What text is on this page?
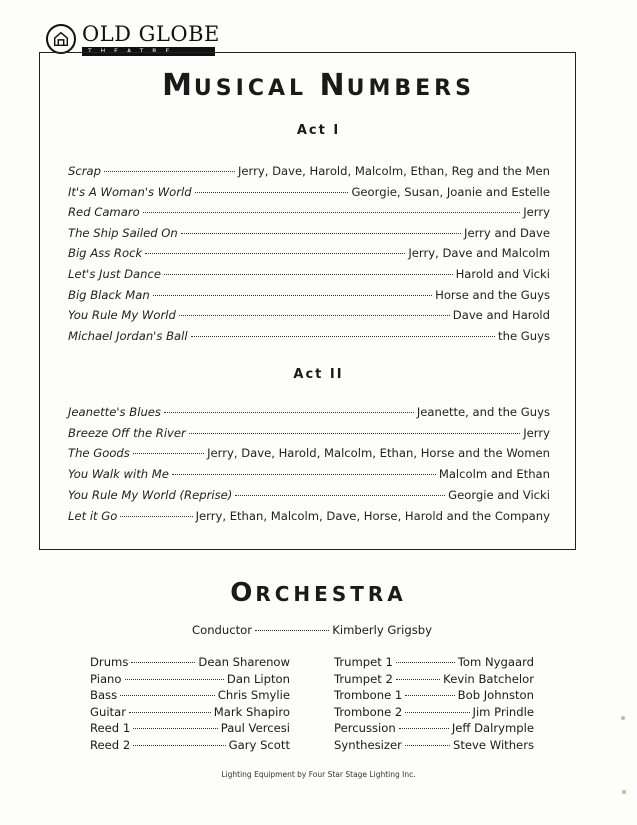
OLD GLOBE
THEATRE
MUSICAL NUMBERS
Act I
Scrap	Jerry, Dave, Harold, Malcolm, Ethan, Reg and the Men
It's A Woman's World	Georgie, Susan, Joanie and Estelle
Red Camaro	Jerry
The Ship Sailed On	Jerry and Dave
Big Ass Rock	Jerry, Dave and Malcolm
Let's Just Dance	Harold and Vicki
Big Black Man	Horse and the Guys
You Rule My World	Dave and Harold
Michael Jordan's Ball	the Guys
Act II
Jeanette's Blues	Jeanette, and the Guys
Breeze Off the River	Jerry
The Goods	Jerry, Dave, Harold, Malcolm, Ethan, Horse and the Women
You Walk with Me	Malcolm and Ethan
You Rule My World (Reprise)	Georgie and Vicki
Let it Go	Jerry, Ethan, Malcolm, Dave, Horse, Harold and the Company
ORCHESTRA
Conductor	Kimberly Grigsby
Drums	Dean Sharenow
Piano	Dan Lipton
Bass	Chris Smylie
Guitar	Mark Shapiro
Reed 1	Paul Vercesi
Reed 2	Gary Scott
Trumpet 1	Tom Nygaard
Trumpet 2	Kevin Batchelor
Trombone 1	Bob Johnston
Trombone 2	Jim Prindle
Percussion	Jeff Dalrymple
Synthesizer	Steve Withers
Lighting Equipment by Four Star Stage Lighting Inc.
